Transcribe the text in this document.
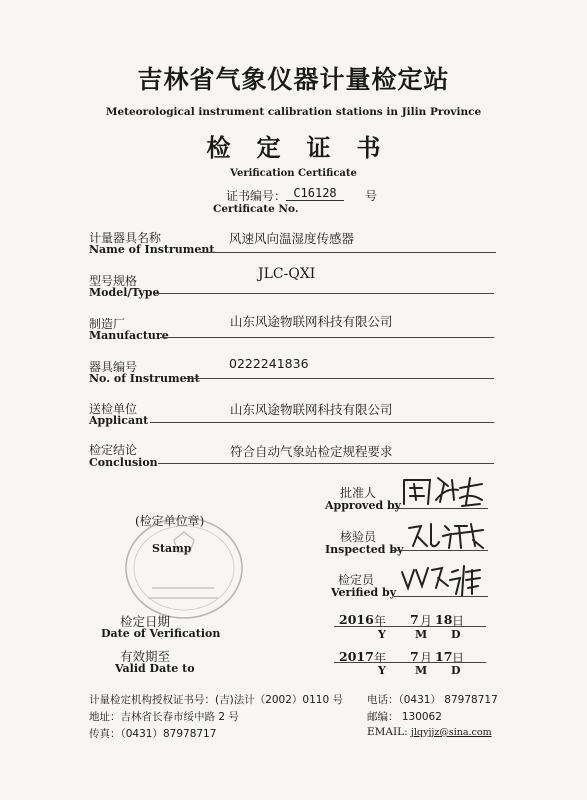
吉林省气象仪器计量检定站
Meteorological instrument calibration stations in Jilin Province
检定证书
Verification Certificate
证书编号： C16128	号
Certificate No.
计量器具名称
Name of Instrument
风速风向温湿度传感器
型号规格
Model/Type
JLC-QXI
制造厂
Manufacture
山东风途物联网科技有限公司
器具编号
No. of Instrument
0222241836
送检单位
Applicant
山东风途物联网科技有限公司
检定结论
Conclusion
符合自动气象站检定规程要求
批准人
Approved by
核验员
Inspected by
检定员
Verified by
(检定单位章)
Stamp
检定日期
Date of Verification
2016 年 7 月 18 日
Y	M D
有效期至
Valid Date to
2017 年 7 月 17 日
Y	M D
计量检定机构授权证书号：(吉)法计（2002）0110 号
地址：吉林省长春市绥中路 2 号
传真：（0431）87978717
电话：（0431） 87978717
邮编： 130062
EMAIL: jlqyjjz@sina.com
